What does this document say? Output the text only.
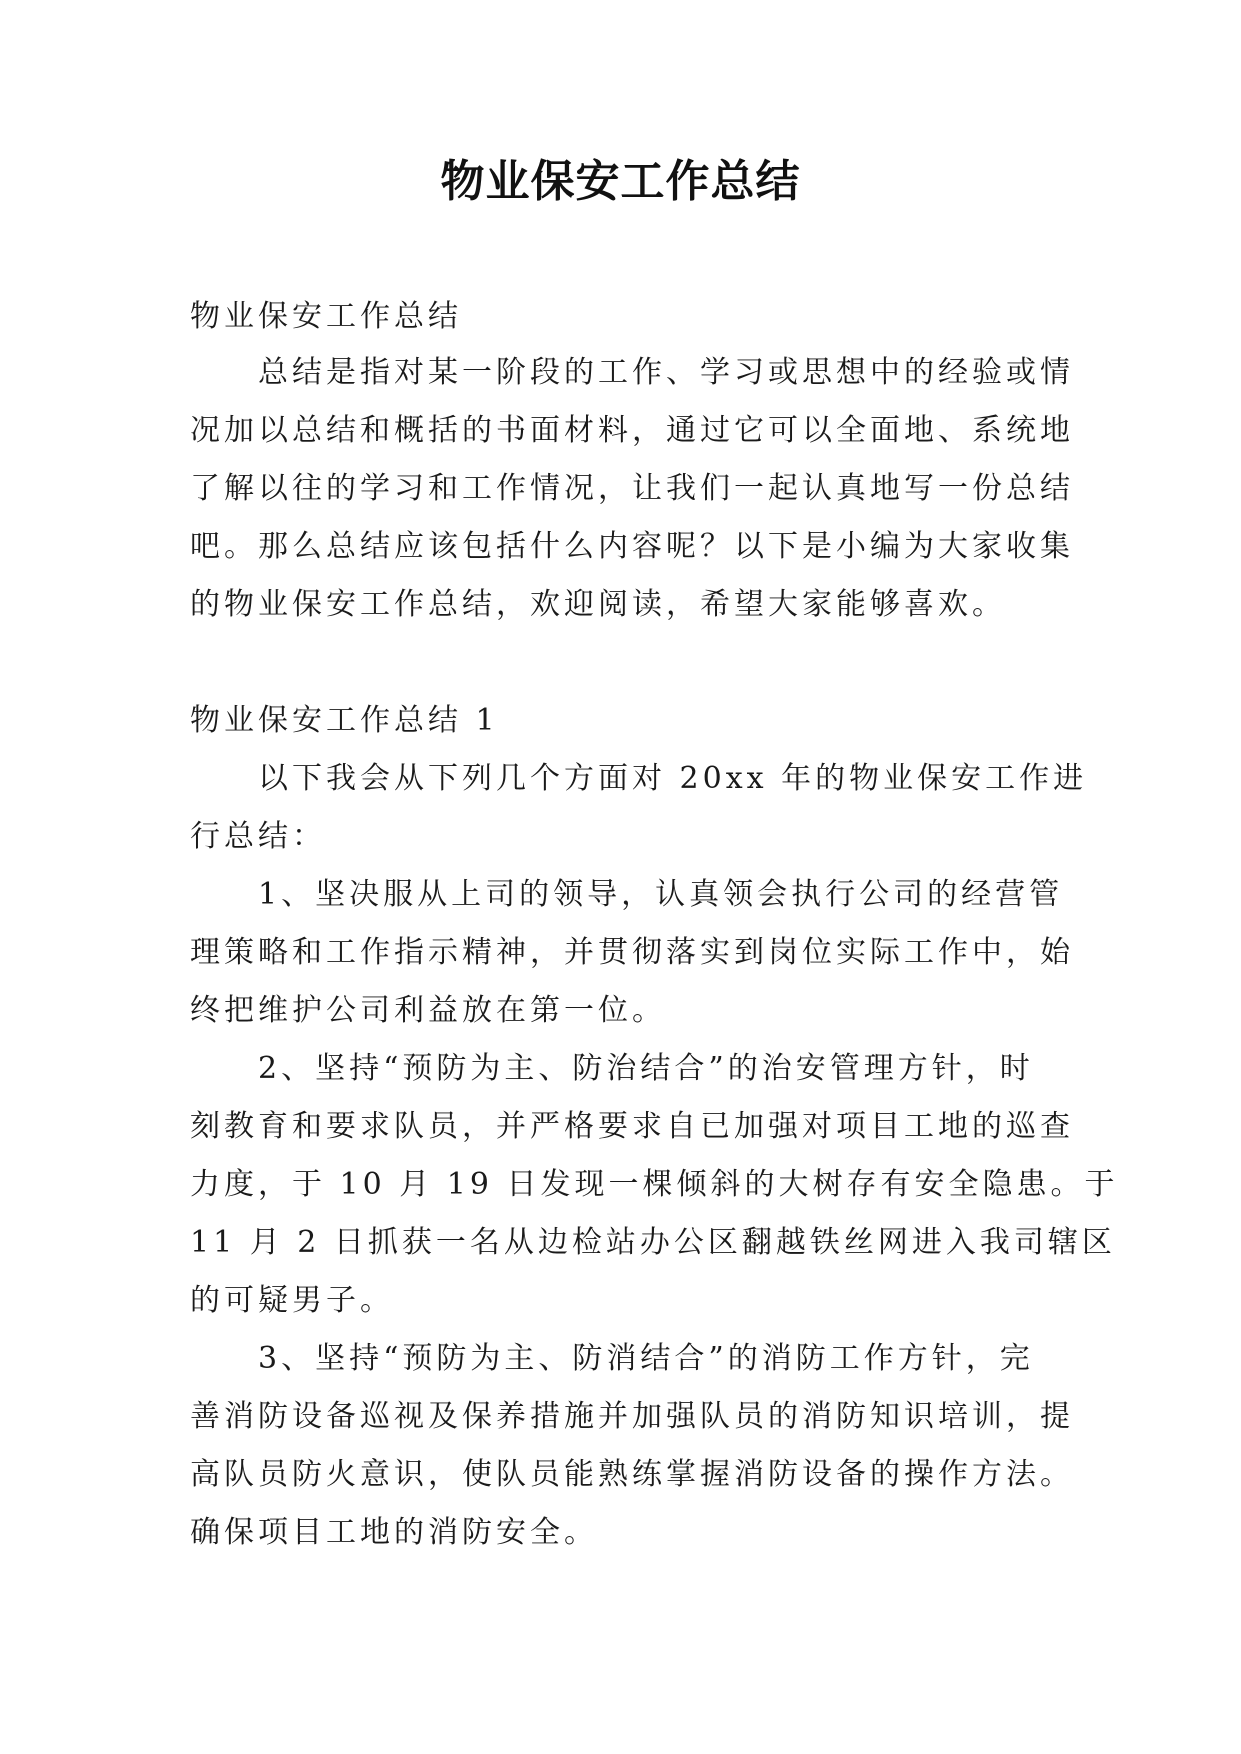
物业保安工作总结

物业保安工作总结

总结是指对某一阶段的工作、学习或思想中的经验或情

况加以总结和概括的书面材料，通过它可以全面地、系统地

了解以往的学习和工作情况，让我们一起认真地写一份总结

吧。那么总结应该包括什么内容呢？以下是小编为大家收集

的物业保安工作总结，欢迎阅读，希望大家能够喜欢。

物业保安工作总结 1

以下我会从下列几个方面对 20xx 年的物业保安工作进

行总结：

1、坚决服从上司的领导，认真领会执行公司的经营管

理策略和工作指示精神，并贯彻落实到岗位实际工作中，始

终把维护公司利益放在第一位。

2、坚持“预防为主、防治结合”的治安管理方针，时

刻教育和要求队员，并严格要求自已加强对项目工地的巡查

力度，于 10 月 19 日发现一棵倾斜的大树存有安全隐患。于

11 月 2 日抓获一名从边检站办公区翻越铁丝网进入我司辖区

的可疑男子。

3、坚持“预防为主、防消结合”的消防工作方针，完

善消防设备巡视及保养措施并加强队员的消防知识培训，提

高队员防火意识，使队员能熟练掌握消防设备的操作方法。

确保项目工地的消防安全。
